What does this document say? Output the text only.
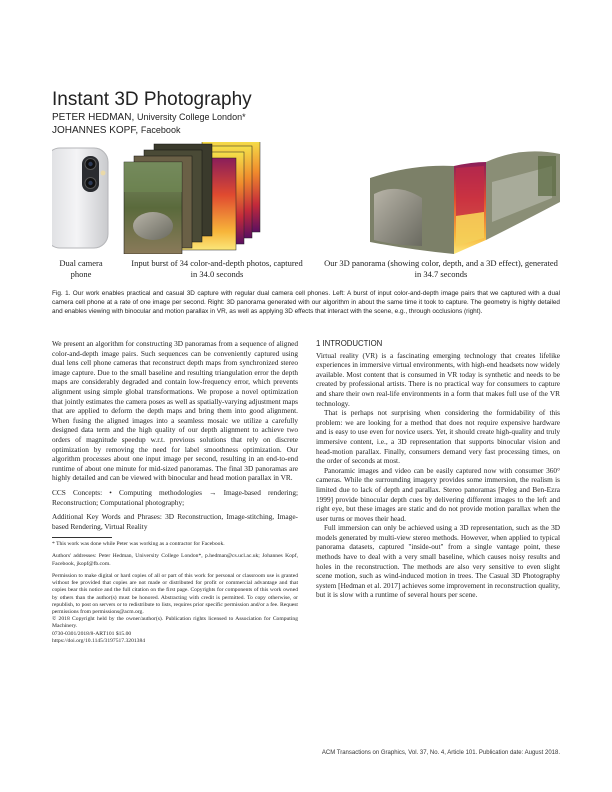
Instant 3D Photography
PETER HEDMAN, University College London*
JOHANNES KOPF, Facebook
Dual camera phone
Input burst of 34 color-and-depth photos, captured in 34.0 seconds
Our 3D panorama (showing color, depth, and a 3D effect), generated in 34.7 seconds

Fig. 1. Our work enables practical and casual 3D capture with regular dual camera cell phones. Left: A burst of input color-and-depth image pairs that we captured with a dual camera cell phone at a rate of one image per second. Right: 3D panorama generated with our algorithm in about the same time it took to capture. The geometry is highly detailed and enables viewing with binocular and motion parallax in VR, as well as applying 3D effects that interact with the scene, e.g., through occlusions (right).

We present an algorithm for constructing 3D panoramas from a sequence of aligned color-and-depth image pairs. Such sequences can be conveniently captured using dual lens cell phone cameras that reconstruct depth maps from synchronized stereo image capture. Due to the small baseline and resulting triangulation error the depth maps are considerably degraded and contain low-frequency error, which prevents alignment using simple global transformations. We propose a novel optimization that jointly estimates the camera poses as well as spatially-varying adjustment maps that are applied to deform the depth maps and bring them into good alignment. When fusing the aligned images into a seamless mosaic we utilize a carefully designed data term and the high quality of our depth alignment to achieve two orders of magnitude speedup w.r.t. previous solutions that rely on discrete optimization by removing the need for label smoothness optimization. Our algorithm processes about one input image per second, resulting in an end-to-end runtime of about one minute for mid-sized panoramas. The final 3D panoramas are highly detailed and can be viewed with binocular and head motion parallax in VR.

CCS Concepts: • Computing methodologies → Image-based rendering; Reconstruction; Computational photography;

Additional Key Words and Phrases: 3D Reconstruction, Image-stitching, Image-based Rendering, Virtual Reality

* This work was done while Peter was working as a contractor for Facebook.

Authors' addresses: Peter Hedman, University College London*, p.hedman@cs.ucl.ac.uk; Johannes Kopf, Facebook, jkopf@fb.com.

Permission to make digital or hard copies of all or part of this work for personal or classroom use is granted without fee provided that copies are not made or distributed for profit or commercial advantage and that copies bear this notice and the full citation on the first page. Copyrights for components of this work owned by others than the author(s) must be honored. Abstracting with credit is permitted. To copy otherwise, or republish, to post on servers or to redistribute to lists, requires prior specific permission and/or a fee. Request permissions from permissions@acm.org.

© 2018 Copyright held by the owner/author(s). Publication rights licensed to Association for Computing Machinery.

0730-0301/2018/8-ART101 $15.00

https://doi.org/10.1145/3197517.3201384

1 INTRODUCTION

Virtual reality (VR) is a fascinating emerging technology that creates lifelike experiences in immersive virtual environments, with high-end headsets now widely available. Most content that is consumed in VR today is synthetic and needs to be created by professional artists. There is no practical way for consumers to capture and share their own real-life environments in a form that makes full use of the VR technology.

That is perhaps not surprising when considering the formidability of this problem: we are looking for a method that does not require expensive hardware and is easy to use even for novice users. Yet, it should create high-quality and truly immersive content, i.e., a 3D representation that supports binocular vision and head-motion parallax. Finally, consumers demand very fast processing times, on the order of seconds at most.

Panoramic images and video can be easily captured now with consumer 360° cameras. While the surrounding imagery provides some immersion, the realism is limited due to lack of depth and parallax. Stereo panoramas [Peleg and Ben-Ezra 1999] provide binocular depth cues by delivering different images to the left and right eye, but these images are static and do not provide motion parallax when the user turns or moves their head.

Full immersion can only be achieved using a 3D representation, such as the 3D models generated by multi-view stereo methods. However, when applied to typical panorama datasets, captured "inside-out" from a single vantage point, these methods have to deal with a very small baseline, which causes noisy results and holes in the reconstruction. The methods are also very sensitive to even slight scene motion, such as wind-induced motion in trees. The Casual 3D Photography system [Hedman et al. 2017] achieves some improvement in reconstruction quality, but it is slow with a runtime of several hours per scene.

ACM Transactions on Graphics, Vol. 37, No. 4, Article 101. Publication date: August 2018.
